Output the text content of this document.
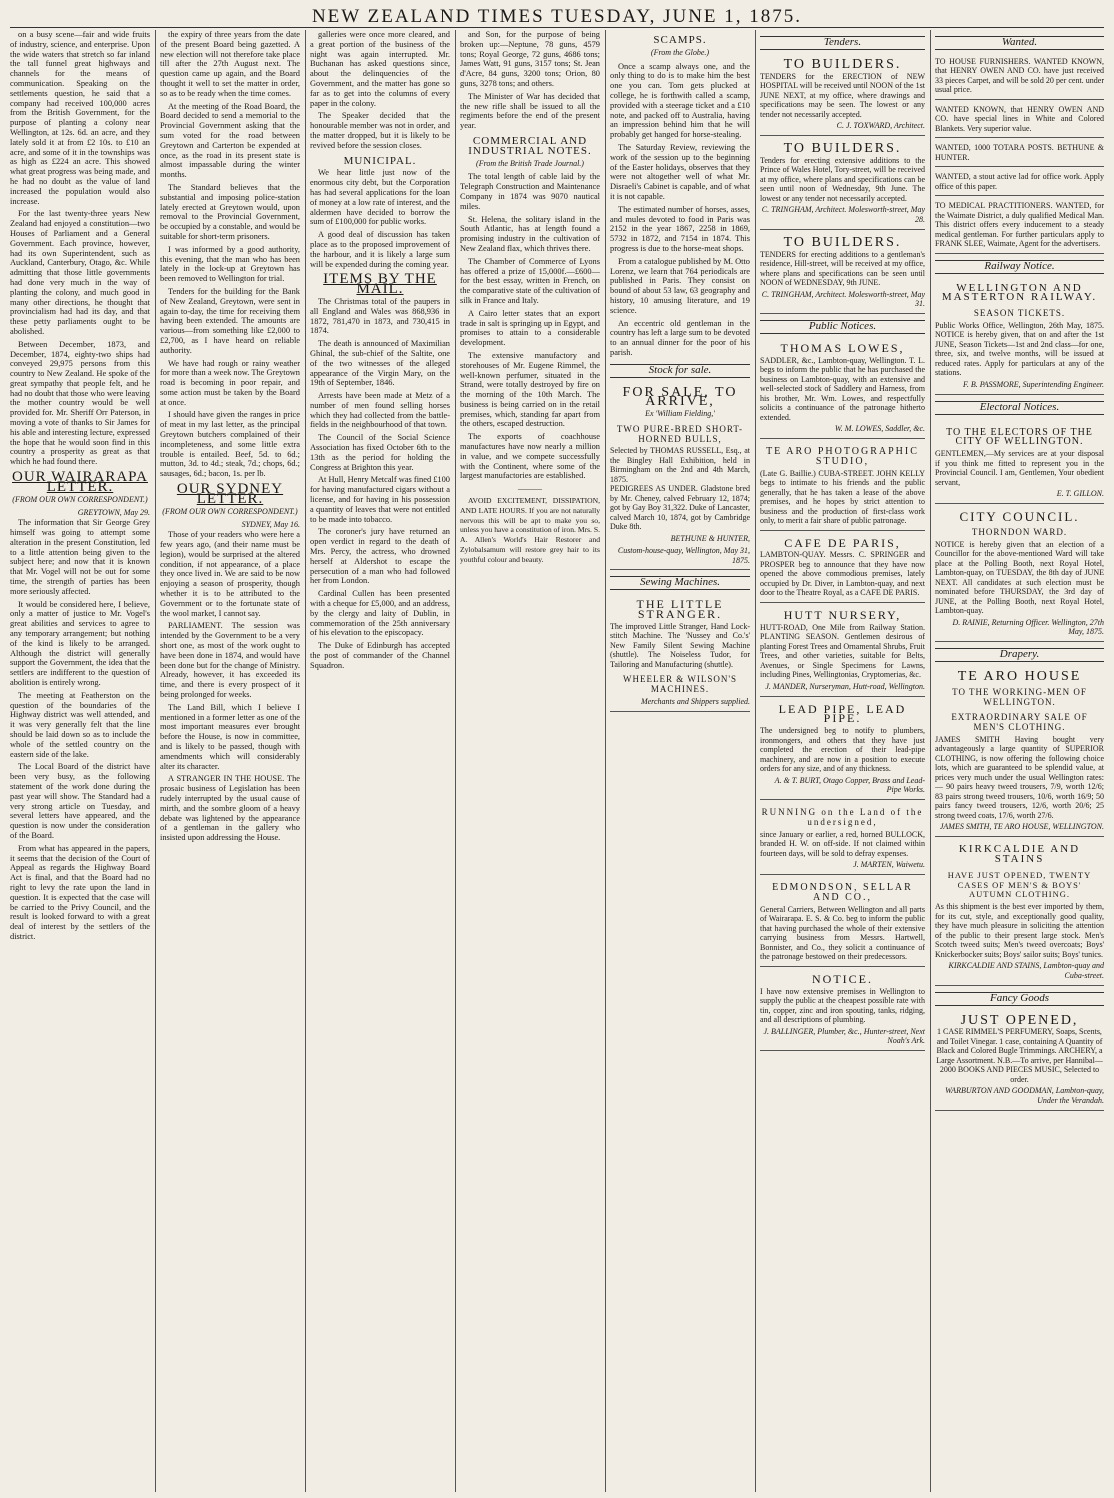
NEW ZEALAND TIMES TUESDAY, JUNE 1, 1875.

on a busy scene—fair and wide fruits of industry, science, and enterprise. Upon the wide waters that stretch so far inland the tall funnel great highways and channels for the means of communication. Speaking on the settlements question, he said that a company had received 100,000 acres from the British Government, for the purpose of planting a colony near Wellington, at 12s. 6d. an acre, and they lately sold it at from £2 10s. to £10 an acre, and some of it in the townships was as high as £224 an acre. This showed what great progress was being made, and he had no doubt as the value of land increased the population would also increase.

For the last twenty-three years New Zealand had enjoyed a constitution—two Houses of Parliament and a General Government. Each province, however, had its own Superintendent, such as Auckland, Canterbury, Otago, &c. While admitting that those little governments had done very much in the way of planting the colony, and much good in many other directions, he thought that provincialism had had its day, and that these petty parliaments ought to be abolished.

Between December, 1873, and December, 1874, eighty-two ships had conveyed 29,975 persons from this country to New Zealand. He spoke of the great sympathy that people felt, and he had no doubt that those who were leaving the mother country would be well provided for. Mr. Sheriff Orr Paterson, in moving a vote of thanks to Sir James for his able and interesting lecture, expressed the hope that he would soon find in this country a prosperity as great as that which he had found there.

OUR WAIRARAPA LETTER.
(FROM OUR OWN CORRESPONDENT.)
GREYTOWN, May 29.

The information that Sir George Grey himself was going to attempt some alteration in the present Constitution, led to a little attention being given to the subject here; and now that it is known that Mr. Vogel will not be out for some time, the strength of parties has been more seriously affected.

It would be considered here, I believe, only a matter of justice to Mr. Vogel's great abilities and services to agree to any temporary arrangement; but nothing of the kind is likely to be arranged. Although the district will generally support the Government, the idea that the settlers are indifferent to the question of abolition is entirely wrong.

The meeting at Featherston on the question of the boundaries of the Highway district was well attended, and it was very generally felt that the line should be laid down so as to include the whole of the settled country on the eastern side of the lake.

The Local Board of the district have been very busy, as the following statement of the work done during the past year will show. The Standard had a very strong article on Tuesday, and several letters have appeared, and the question is now under the consideration of the Board.

From what has appeared in the papers, it seems that the decision of the Court of Appeal as regards the Highway Board Act is final, and that the Board had no right to levy the rate upon the land in question. It is expected that the case will be carried to the Privy Council, and the result is looked forward to with a great deal of interest by the settlers of the district.

the expiry of three years from the date of the present Board being gazetted. A new election will not therefore take place till after the 27th August next. The question came up again, and the Board thought it well to set the matter in order, so as to be ready when the time comes.

At the meeting of the Road Board, the Board decided to send a memorial to the Provincial Government asking that the sum voted for the road between Greytown and Carterton be expended at once, as the road in its present state is almost impassable during the winter months.

The Standard believes that the substantial and imposing police-station lately erected at Greytown would, upon removal to the Provincial Government, be occupied by a constable, and would be suitable for short-term prisoners.

I was informed by a good authority, this evening, that the man who has been lately in the lock-up at Greytown has been removed to Wellington for trial.

Tenders for the building for the Bank of New Zealand, Greytown, were sent in again to-day, the time for receiving them having been extended. The amounts are various—from something like £2,000 to £2,700, as I have heard on reliable authority.

We have had rough or rainy weather for more than a week now. The Greytown road is becoming in poor repair, and some action must be taken by the Board at once.

I should have given the ranges in price of meat in my last letter, as the principal Greytown butchers complained of their incompleteness, and some little extra trouble is entailed. Beef, 5d. to 6d.; mutton, 3d. to 4d.; steak, 7d.; chops, 6d.; sausages, 6d.; bacon, 1s. per lb.

OUR SYDNEY LETTER.
(FROM OUR OWN CORRESPONDENT.)
SYDNEY, May 16.

Those of your readers who were here a few years ago, (and their name must be legion), would be surprised at the altered condition, if not appearance, of a place they once lived in. We are said to be now enjoying a season of prosperity, though whether it is to be attributed to the Government or to the fortunate state of the wool market, I cannot say.

PARLIAMENT. The session was intended by the Government to be a very short one, as most of the work ought to have been done in 1874, and would have been done but for the change of Ministry. Already, however, it has exceeded its time, and there is every prospect of it being prolonged for weeks.

The Land Bill, which I believe I mentioned in a former letter as one of the most important measures ever brought before the House, is now in committee, and is likely to be passed, though with amendments which will considerably alter its character.

A STRANGER IN THE HOUSE. The prosaic business of Legislation has been rudely interrupted by the usual cause of mirth, and the sombre gloom of a heavy debate was lightened by the appearance of a gentleman in the gallery who insisted upon addressing the House.

galleries were once more cleared, and a great portion of the business of the night was again interrupted. Mr. Buchanan has asked questions since, about the delinquencies of the Government, and the matter has gone so far as to get into the columns of every paper in the colony.

The Speaker decided that the honourable member was not in order, and the matter dropped, but it is likely to be revived before the session closes.

MUNICIPAL.

We hear little just now of the enormous city debt, but the Corporation has had several applications for the loan of money at a low rate of interest, and the aldermen have decided to borrow the sum of £100,000 for public works.

A good deal of discussion has taken place as to the proposed improvement of the harbour, and it is likely a large sum will be expended during the coming year.

ITEMS BY THE MAIL.

The Christmas total of the paupers in all England and Wales was 868,936 in 1872, 781,470 in 1873, and 730,415 in 1874.

The death is announced of Maximilian Ghinal, the sub-chief of the Saltite, one of the two witnesses of the alleged appearance of the Virgin Mary, on the 19th of September, 1846.

Arrests have been made at Metz of a number of men found selling horses which they had collected from the battle-fields in the neighbourhood of that town.

The Council of the Social Science Association has fixed October 6th to the 13th as the period for holding the Congress at Brighton this year.

At Hull, Henry Metcalf was fined £100 for having manufactured cigars without a license, and for having in his possession a quantity of leaves that were not entitled to be made into tobacco.

The coroner's jury have returned an open verdict in regard to the death of Mrs. Percy, the actress, who drowned herself at Aldershot to escape the persecution of a man who had followed her from London.

Cardinal Cullen has been presented with a cheque for £5,000, and an address, by the clergy and laity of Dublin, in commemoration of the 25th anniversary of his elevation to the episcopacy.

The Duke of Edinburgh has accepted the post of commander of the Channel Squadron.

and Son, for the purpose of being broken up:—Neptune, 78 guns, 4579 tons; Royal George, 72 guns, 4686 tons; James Watt, 91 guns, 3157 tons; St. Jean d'Acre, 84 guns, 3200 tons; Orion, 80 guns, 3278 tons; and others.

The Minister of War has decided that the new rifle shall be issued to all the regiments before the end of the present year.

COMMERCIAL AND INDUSTRIAL NOTES.
(From the British Trade Journal.)

The total length of cable laid by the Telegraph Construction and Maintenance Company in 1874 was 9070 nautical miles.

St. Helena, the solitary island in the South Atlantic, has at length found a promising industry in the cultivation of New Zealand flax, which thrives there.

The Chamber of Commerce of Lyons has offered a prize of 15,000f.—£600—for the best essay, written in French, on the comparative state of the cultivation of silk in France and Italy.

A Cairo letter states that an export trade in salt is springing up in Egypt, and promises to attain to a considerable development.

The extensive manufactory and storehouses of Mr. Eugene Rimmel, the well-known perfumer, situated in the Strand, were totally destroyed by fire on the morning of the 10th March. The business is being carried on in the retail premises, which, standing far apart from the others, escaped destruction.

The exports of coachhouse manufactures have now nearly a million in value, and we compete successfully with the Continent, where some of the largest manufactories are established.

———

AVOID EXCITEMENT, DISSIPATION, AND LATE HOURS. If you are not naturally nervous this will be apt to make you so, unless you have a constitution of iron. Mrs. S. A. Allen's World's Hair Restorer and Zylobalsamum will restore grey hair to its youthful colour and beauty.

SCAMPS.
(From the Globe.)

Once a scamp always one, and the only thing to do is to make him the best one you can. Tom gets plucked at college, he is forthwith called a scamp, provided with a steerage ticket and a £10 note, and packed off to Australia, having an impression behind him that he will probably get hanged for horse-stealing.

The Saturday Review, reviewing the work of the session up to the beginning of the Easter holidays, observes that they were not altogether well of what Mr. Disraeli's Cabinet is capable, and of what it is not capable.

The estimated number of horses, asses, and mules devoted to food in Paris was 2152 in the year 1867, 2258 in 1869, 5732 in 1872, and 7154 in 1874. This progress is due to the horse-meat shops.

From a catalogue published by M. Otto Lorenz, we learn that 764 periodicals are published in Paris. They consist on bound of about 53 law, 63 geography and history, 10 amusing literature, and 19 science.

An eccentric old gentleman in the country has left a large sum to be devoted to an annual dinner for the poor of his parish.

Stock for sale.
FOR SALE, TO ARRIVE,
Ex 'William Fielding,'
TWO PURE-BRED SHORT-HORNED BULLS,
Selected by THOMAS RUSSELL, Esq., at the Bingley Hall Exhibition, held in Birmingham on the 2nd and 4th March, 1875.
PEDIGREES AS UNDER. Gladstone bred by Mr. Cheney, calved February 12, 1874; got by Gay Boy 31,322. Duke of Lancaster, calved March 10, 1874, got by Cambridge Duke 8th.
BETHUNE & HUNTER,
Custom-house-quay, Wellington, May 31, 1875.
Sewing Machines.
THE LITTLE STRANGER.
The improved Little Stranger, Hand Lock-stitch Machine. The 'Nussey and Co.'s' New Family Silent Sewing Machine (shuttle). The Noiseless Tudor, for Tailoring and Manufacturing (shuttle).
WHEELER & WILSON'S MACHINES.
Merchants and Shippers supplied.
Tenders.
TO BUILDERS.
TENDERS for the ERECTION of NEW HOSPITAL will be received until NOON of the 1st JUNE NEXT, at my office, where drawings and specifications may be seen. The lowest or any tender not necessarily accepted.
C. J. TOXWARD, Architect.
TO BUILDERS.
Tenders for erecting extensive additions to the Prince of Wales Hotel, Tory-street, will be received at my office, where plans and specifications can be seen until noon of Wednesday, 9th June. The lowest or any tender not necessarily accepted.
C. TRINGHAM, Architect. Molesworth-street, May 28.
TO BUILDERS.
TENDERS for erecting additions to a gentleman's residence, Hill-street, will be received at my office, where plans and specifications can be seen until NOON of WEDNESDAY, 9th JUNE.
C. TRINGHAM, Architect. Molesworth-street, May 31.
Public Notices.
THOMAS LOWES,
SADDLER, &c., Lambton-quay, Wellington. T. L. begs to inform the public that he has purchased the business on Lambton-quay, with an extensive and well-selected stock of Saddlery and Harness, from his brother, Mr. Wm. Lowes, and respectfully solicits a continuance of the patronage hitherto extended.
W. M. LOWES, Saddler, &c.
TE ARO PHOTOGRAPHIC STUDIO,
(Late G. Baillie.) CUBA-STREET. JOHN KELLY begs to intimate to his friends and the public generally, that he has taken a lease of the above premises, and he hopes by strict attention to business and the production of first-class work only, to merit a fair share of public patronage.
CAFE DE PARIS,
LAMBTON-QUAY. Messrs. C. SPRINGER and PROSPER beg to announce that they have now opened the above commodious premises, lately occupied by Dr. Diver, in Lambton-quay, and next door to the Theatre Royal, as a CAFE DE PARIS.
HUTT NURSERY,
HUTT-ROAD, One Mile from Railway Station. PLANTING SEASON. Gentlemen desirous of planting Forest Trees and Ornamental Shrubs, Fruit Trees, and other varieties, suitable for Belts, Avenues, or Single Specimens for Lawns, including Pines, Wellingtonias, Cryptomerias, &c.
J. MANDER, Nurseryman, Hutt-road, Wellington.
LEAD PIPE, LEAD PIPE.
The undersigned beg to notify to plumbers, ironmongers, and others that they have just completed the erection of their lead-pipe machinery, and are now in a position to execute orders for any size, and of any thickness.
A. & T. BURT, Otago Copper, Brass and Lead-Pipe Works.
RUNNING on the Land of the undersigned,
since January or earlier, a red, horned BULLOCK, branded H. W. on off-side. If not claimed within fourteen days, will be sold to defray expenses.
J. MARTEN, Waiwetu.
EDMONDSON, SELLAR AND CO.,
General Carriers, Between Wellington and all parts of Wairarapa. E. S. & Co. beg to inform the public that having purchased the whole of their extensive carrying business from Messrs. Hartwell, Bonnister, and Co., they solicit a continuance of the patronage bestowed on their predecessors.
NOTICE.
I have now extensive premises in Wellington to supply the public at the cheapest possible rate with tin, copper, zinc and iron spouting, tanks, ridging, and all descriptions of plumbing.
J. BALLINGER, Plumber, &c., Hunter-street, Next Noah's Ark.
Wanted.
TO HOUSE FURNISHERS. WANTED KNOWN, that HENRY OWEN AND CO. have just received 33 pieces Carpet, and will be sold 20 per cent. under usual price.
WANTED KNOWN, that HENRY OWEN AND CO. have special lines in White and Colored Blankets. Very superior value.
WANTED, 1000 TOTARA POSTS. BETHUNE & HUNTER.
WANTED, a stout active lad for office work. Apply office of this paper.
TO MEDICAL PRACTITIONERS. WANTED, for the Waimate District, a duly qualified Medical Man. This district offers every inducement to a steady medical gentleman. For further particulars apply to FRANK SLEE, Waimate, Agent for the advertisers.
Railway Notice.
WELLINGTON AND MASTERTON RAILWAY.
SEASON TICKETS.
Public Works Office, Wellington, 26th May, 1875. NOTICE is hereby given, that on and after the 1st JUNE, Season Tickets—1st and 2nd class—for one, three, six, and twelve months, will be issued at reduced rates. Apply for particulars at any of the stations.
F. B. PASSMORE, Superintending Engineer.
Electoral Notices.
TO THE ELECTORS OF THE CITY OF WELLINGTON.
GENTLEMEN,—My services are at your disposal if you think me fitted to represent you in the Provincial Council. I am, Gentlemen, Your obedient servant,
E. T. GILLON.
CITY COUNCIL.
THORNDON WARD.
NOTICE is hereby given that an election of a Councillor for the above-mentioned Ward will take place at the Polling Booth, next Royal Hotel, Lambton-quay, on TUESDAY, the 8th day of JUNE NEXT. All candidates at such election must be nominated before THURSDAY, the 3rd day of JUNE, at the Polling Booth, next Royal Hotel, Lambton-quay.
D. RAINIE, Returning Officer. Wellington, 27th May, 1875.
Drapery.
TE ARO HOUSE
TO THE WORKING-MEN OF WELLINGTON.
EXTRAORDINARY SALE OF MEN'S CLOTHING.
JAMES SMITH Having bought very advantageously a large quantity of SUPERIOR CLOTHING, is now offering the following choice lots, which are guaranteed to be splendid value, at prices very much under the usual Wellington rates:— 90 pairs heavy tweed trousers, 7/9, worth 12/6; 83 pairs strong tweed trousers, 10/6, worth 16/9; 50 pairs fancy tweed trousers, 12/6, worth 20/6; 25 strong tweed coats, 17/6, worth 27/6.
JAMES SMITH, TE ARO HOUSE, WELLINGTON.
KIRKCALDIE AND STAINS
HAVE JUST OPENED, TWENTY CASES OF MEN'S & BOYS' AUTUMN CLOTHING.
As this shipment is the best ever imported by them, for its cut, style, and exceptionally good quality, they have much pleasure in soliciting the attention of the public to their present large stock. Men's Scotch tweed suits; Men's tweed overcoats; Boys' Knickerbocker suits; Boys' sailor suits; Boys' tunics.
KIRKCALDIE AND STAINS, Lambton-quay and Cuba-street.
Fancy Goods
JUST OPENED,
1 CASE RIMMEL'S PERFUMERY, Soaps, Scents, and Toilet Vinegar. 1 case, containing A Quantity of Black and Colored Bugle Trimmings. ARCHERY, a Large Assortment. N.B.—To arrive, per Hannibal— 2000 BOOKS AND PIECES MUSIC, Selected to order.
WARBURTON AND GOODMAN, Lambton-quay, Under the Verandah.
